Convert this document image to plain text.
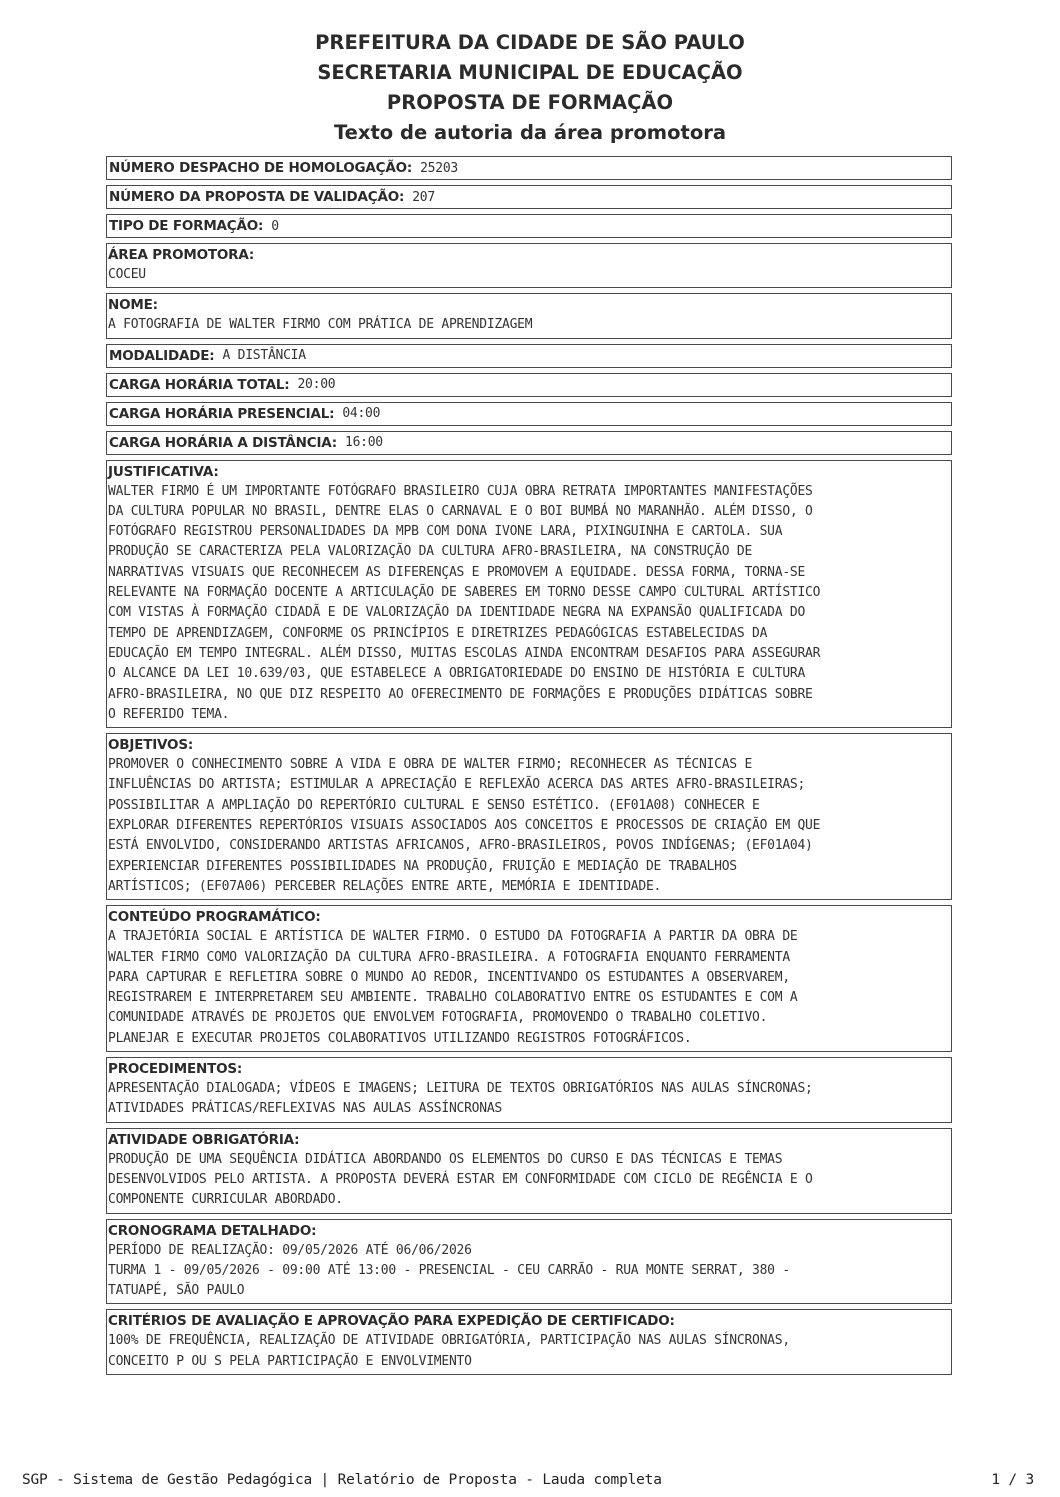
PREFEITURA DA CIDADE DE SÃO PAULO
SECRETARIA MUNICIPAL DE EDUCAÇÃO
PROPOSTA DE FORMAÇÃO
Texto de autoria da área promotora
NÚMERO DESPACHO DE HOMOLOGAÇÃO: 25203
NÚMERO DA PROPOSTA DE VALIDAÇÃO: 207
TIPO DE FORMAÇÃO: 0
ÁREA PROMOTORA:
COCEU
NOME:
A FOTOGRAFIA DE WALTER FIRMO COM PRÁTICA DE APRENDIZAGEM
MODALIDADE: A DISTÂNCIA
CARGA HORÁRIA TOTAL: 20:00
CARGA HORÁRIA PRESENCIAL: 04:00
CARGA HORÁRIA A DISTÂNCIA: 16:00
JUSTIFICATIVA:
WALTER FIRMO É UM IMPORTANTE FOTÓGRAFO BRASILEIRO CUJA OBRA RETRATA IMPORTANTES MANIFESTAÇÕES
DA CULTURA POPULAR NO BRASIL, DENTRE ELAS O CARNAVAL E O BOI BUMBÁ NO MARANHÃO. ALÉM DISSO, O
FOTÓGRAFO REGISTROU PERSONALIDADES DA MPB COM DONA IVONE LARA, PIXINGUINHA E CARTOLA. SUA
PRODUÇÃO SE CARACTERIZA PELA VALORIZAÇÃO DA CULTURA AFRO-BRASILEIRA, NA CONSTRUÇÃO DE
NARRATIVAS VISUAIS QUE RECONHECEM AS DIFERENÇAS E PROMOVEM A EQUIDADE. DESSA FORMA, TORNA-SE
RELEVANTE NA FORMAÇÃO DOCENTE A ARTICULAÇÃO DE SABERES EM TORNO DESSE CAMPO CULTURAL ARTÍSTICO
COM VISTAS À FORMAÇÃO CIDADÃ E DE VALORIZAÇÃO DA IDENTIDADE NEGRA NA EXPANSÃO QUALIFICADA DO
TEMPO DE APRENDIZAGEM, CONFORME OS PRINCÍPIOS E DIRETRIZES PEDAGÓGICAS ESTABELECIDAS DA
EDUCAÇÃO EM TEMPO INTEGRAL. ALÉM DISSO, MUITAS ESCOLAS AINDA ENCONTRAM DESAFIOS PARA ASSEGURAR
O ALCANCE DA LEI 10.639/03, QUE ESTABELECE A OBRIGATORIEDADE DO ENSINO DE HISTÓRIA E CULTURA
AFRO-BRASILEIRA, NO QUE DIZ RESPEITO AO OFERECIMENTO DE FORMAÇÕES E PRODUÇÕES DIDÁTICAS SOBRE
O REFERIDO TEMA.
OBJETIVOS:
PROMOVER O CONHECIMENTO SOBRE A VIDA E OBRA DE WALTER FIRMO; RECONHECER AS TÉCNICAS E
INFLUÊNCIAS DO ARTISTA; ESTIMULAR A APRECIAÇÃO E REFLEXÃO ACERCA DAS ARTES AFRO-BRASILEIRAS;
POSSIBILITAR A AMPLIAÇÃO DO REPERTÓRIO CULTURAL E SENSO ESTÉTICO. (EF01A08) CONHECER E
EXPLORAR DIFERENTES REPERTÓRIOS VISUAIS ASSOCIADOS AOS CONCEITOS E PROCESSOS DE CRIAÇÃO EM QUE
ESTÁ ENVOLVIDO, CONSIDERANDO ARTISTAS AFRICANOS, AFRO-BRASILEIROS, POVOS INDÍGENAS; (EF01A04)
EXPERIENCIAR DIFERENTES POSSIBILIDADES NA PRODUÇÃO, FRUIÇÃO E MEDIAÇÃO DE TRABALHOS
ARTÍSTICOS; (EF07A06) PERCEBER RELAÇÕES ENTRE ARTE, MEMÓRIA E IDENTIDADE.
CONTEÚDO PROGRAMÁTICO:
A TRAJETÓRIA SOCIAL E ARTÍSTICA DE WALTER FIRMO. O ESTUDO DA FOTOGRAFIA A PARTIR DA OBRA DE
WALTER FIRMO COMO VALORIZAÇÃO DA CULTURA AFRO-BRASILEIRA. A FOTOGRAFIA ENQUANTO FERRAMENTA
PARA CAPTURAR E REFLETIRA SOBRE O MUNDO AO REDOR, INCENTIVANDO OS ESTUDANTES A OBSERVAREM,
REGISTRAREM E INTERPRETAREM SEU AMBIENTE. TRABALHO COLABORATIVO ENTRE OS ESTUDANTES E COM A
COMUNIDADE ATRAVÉS DE PROJETOS QUE ENVOLVEM FOTOGRAFIA, PROMOVENDO O TRABALHO COLETIVO.
PLANEJAR E EXECUTAR PROJETOS COLABORATIVOS UTILIZANDO REGISTROS FOTOGRÁFICOS.
PROCEDIMENTOS:
APRESENTAÇÃO DIALOGADA; VÍDEOS E IMAGENS; LEITURA DE TEXTOS OBRIGATÓRIOS NAS AULAS SÍNCRONAS;
ATIVIDADES PRÁTICAS/REFLEXIVAS NAS AULAS ASSÍNCRONAS
ATIVIDADE OBRIGATÓRIA:
PRODUÇÃO DE UMA SEQUÊNCIA DIDÁTICA ABORDANDO OS ELEMENTOS DO CURSO E DAS TÉCNICAS E TEMAS
DESENVOLVIDOS PELO ARTISTA. A PROPOSTA DEVERÁ ESTAR EM CONFORMIDADE COM CICLO DE REGÊNCIA E O
COMPONENTE CURRICULAR ABORDADO.
CRONOGRAMA DETALHADO:
PERÍODO DE REALIZAÇÃO: 09/05/2026 ATÉ 06/06/2026
TURMA 1 - 09/05/2026 - 09:00 ATÉ 13:00 - PRESENCIAL - CEU CARRÃO - RUA MONTE SERRAT, 380 -
TATUAPÉ, SÃO PAULO
CRITÉRIOS DE AVALIAÇÃO E APROVAÇÃO PARA EXPEDIÇÃO DE CERTIFICADO:
100% DE FREQUÊNCIA, REALIZAÇÃO DE ATIVIDADE OBRIGATÓRIA, PARTICIPAÇÃO NAS AULAS SÍNCRONAS,
CONCEITO P OU S PELA PARTICIPAÇÃO E ENVOLVIMENTO
SGP - Sistema de Gestão Pedagógica | Relatório de Proposta - Lauda completa	1 / 3
